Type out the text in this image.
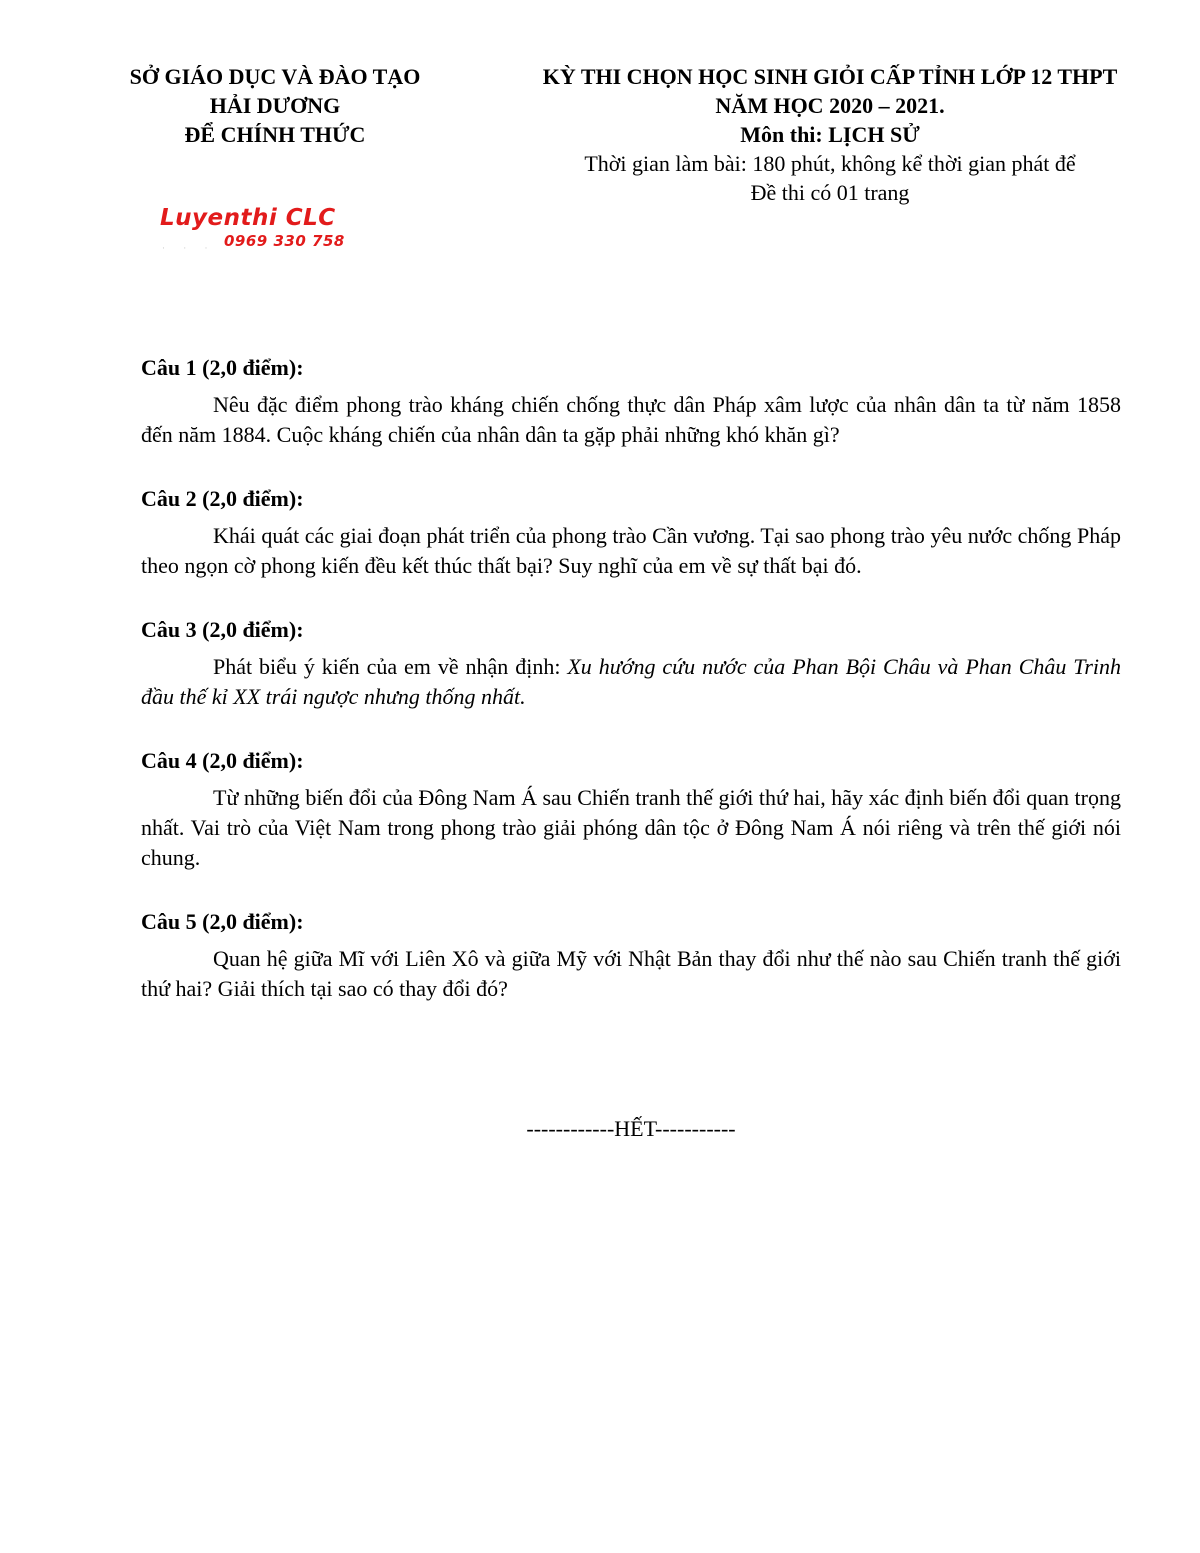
SỞ GIÁO DỤC VÀ ĐÀO TẠO
HẢI DƯƠNG
ĐỂ CHÍNH THỨC
KỲ THI CHỌN HỌC SINH GIỎI CẤP TỈNH LỚP 12 THPT
NĂM HỌC 2020 – 2021.
Môn thi: LỊCH SỬ
Thời gian làm bài: 180 phút, không kể thời gian phát để
Đề thi có 01 trang
Luyenthi CLC
0969 330 758
· · ·
Câu 1 (2,0 điểm):
Nêu đặc điểm phong trào kháng chiến chống thực dân Pháp xâm lược của nhân dân ta từ năm 1858 đến năm 1884. Cuộc kháng chiến của nhân dân ta gặp phải những khó khăn gì?
Câu 2 (2,0 điểm):
Khái quát các giai đoạn phát triển của phong trào Cần vương. Tại sao phong trào yêu nước chống Pháp theo ngọn cờ phong kiến đều kết thúc thất bại? Suy nghĩ của em về sự thất bại đó.
Câu 3 (2,0 điểm):
Phát biểu ý kiến của em về nhận định: Xu hướng cứu nước của Phan Bội Châu và Phan Châu Trinh đầu thế kỉ XX trái ngược nhưng thống nhất.
Câu 4 (2,0 điểm):
Từ những biến đổi của Đông Nam Á sau Chiến tranh thế giới thứ hai, hãy xác định biến đổi quan trọng nhất. Vai trò của Việt Nam trong phong trào giải phóng dân tộc ở Đông Nam Á nói riêng và trên thế giới nói chung.
Câu 5 (2,0 điểm):
Quan hệ giữa Mĩ với Liên Xô và giữa Mỹ với Nhật Bản thay đổi như thế nào sau Chiến tranh thế giới thứ hai? Giải thích tại sao có thay đổi đó?
------------HẾT-----------
